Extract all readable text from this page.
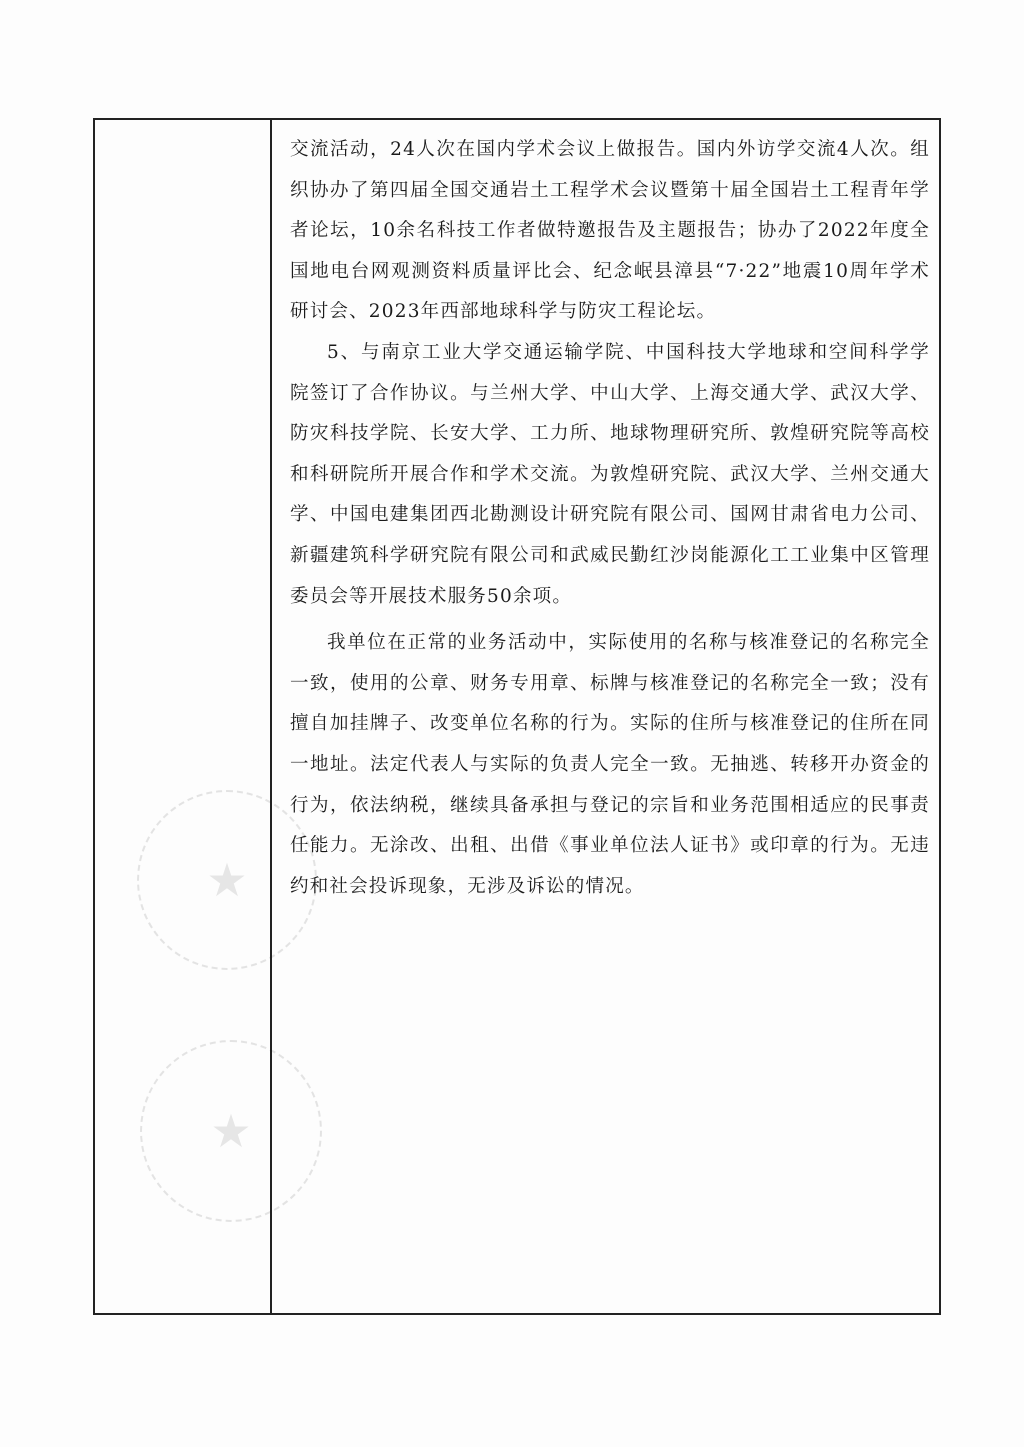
★
★

交流活动，24人次在国内学术会议上做报告。国内外访学交流4人次。组织协办了第四届全国交通岩土工程学术会议暨第十届全国岩土工程青年学者论坛，10余名科技工作者做特邀报告及主题报告；协办了2022年度全国地电台网观测资料质量评比会、纪念岷县漳县“7·22”地震10周年学术研讨会、2023年西部地球科学与防灾工程论坛。

5、与南京工业大学交通运输学院、中国科技大学地球和空间科学学院签订了合作协议。与兰州大学、中山大学、上海交通大学、武汉大学、防灾科技学院、长安大学、工力所、地球物理研究所、敦煌研究院等高校和科研院所开展合作和学术交流。为敦煌研究院、武汉大学、兰州交通大学、中国电建集团西北勘测设计研究院有限公司、国网甘肃省电力公司、新疆建筑科学研究院有限公司和武威民勤红沙岗能源化工工业集中区管理委员会等开展技术服务50余项。

我单位在正常的业务活动中，实际使用的名称与核准登记的名称完全一致，使用的公章、财务专用章、标牌与核准登记的名称完全一致；没有擅自加挂牌子、改变单位名称的行为。实际的住所与核准登记的住所在同一地址。法定代表人与实际的负责人完全一致。无抽逃、转移开办资金的行为，依法纳税，继续具备承担与登记的宗旨和业务范围相适应的民事责任能力。无涂改、出租、出借《事业单位法人证书》或印章的行为。无违约和社会投诉现象，无涉及诉讼的情况。
